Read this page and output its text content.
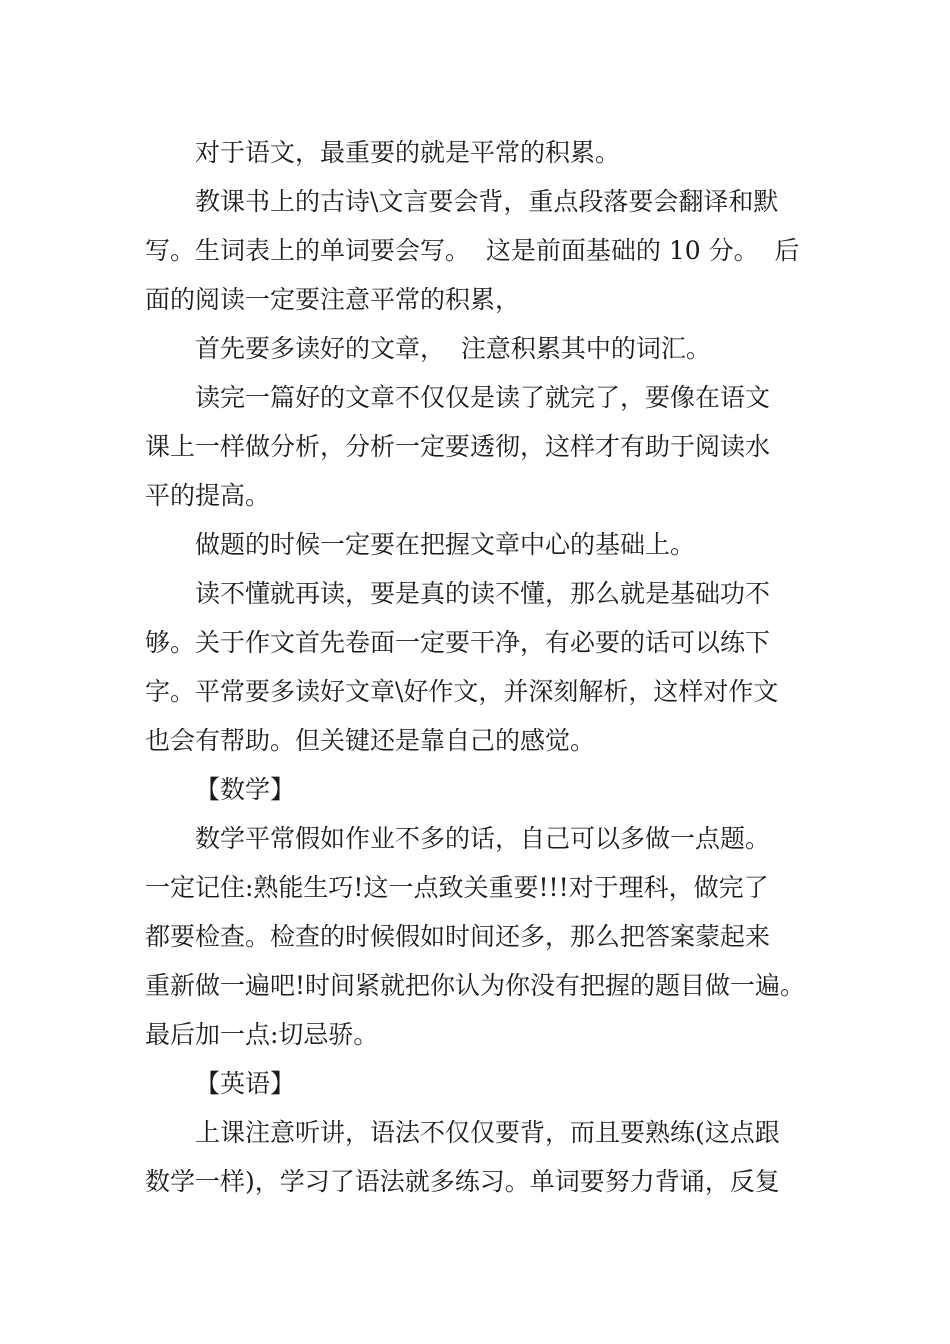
对于语文，最重要的就是平常的积累。
教课书上的古诗\文言要会背，重点段落要会翻译和默
写。生词表上的单词要会写。  这是前面基础的 10 分。  后
面的阅读一定要注意平常的积累，
首先要多读好的文章，  注意积累其中的词汇。
读完一篇好的文章不仅仅是读了就完了，要像在语文
课上一样做分析，分析一定要透彻，这样才有助于阅读水
平的提高。
做题的时候一定要在把握文章中心的基础上。
读不懂就再读，要是真的读不懂，那么就是基础功不
够。关于作文首先卷面一定要干净，有必要的话可以练下
字。平常要多读好文章\好作文，并深刻解析，这样对作文
也会有帮助。但关键还是靠自己的感觉。
【数学】
数学平常假如作业不多的话，自己可以多做一点题。
一定记住:熟能生巧!这一点致关重要!!!对于理科，做完了
都要检查。检查的时候假如时间还多，那么把答案蒙起来
重新做一遍吧!时间紧就把你认为你没有把握的题目做一遍。
最后加一点:切忌骄。
【英语】
上课注意听讲，语法不仅仅要背，而且要熟练(这点跟
数学一样)，学习了语法就多练习。单词要努力背诵，反复
